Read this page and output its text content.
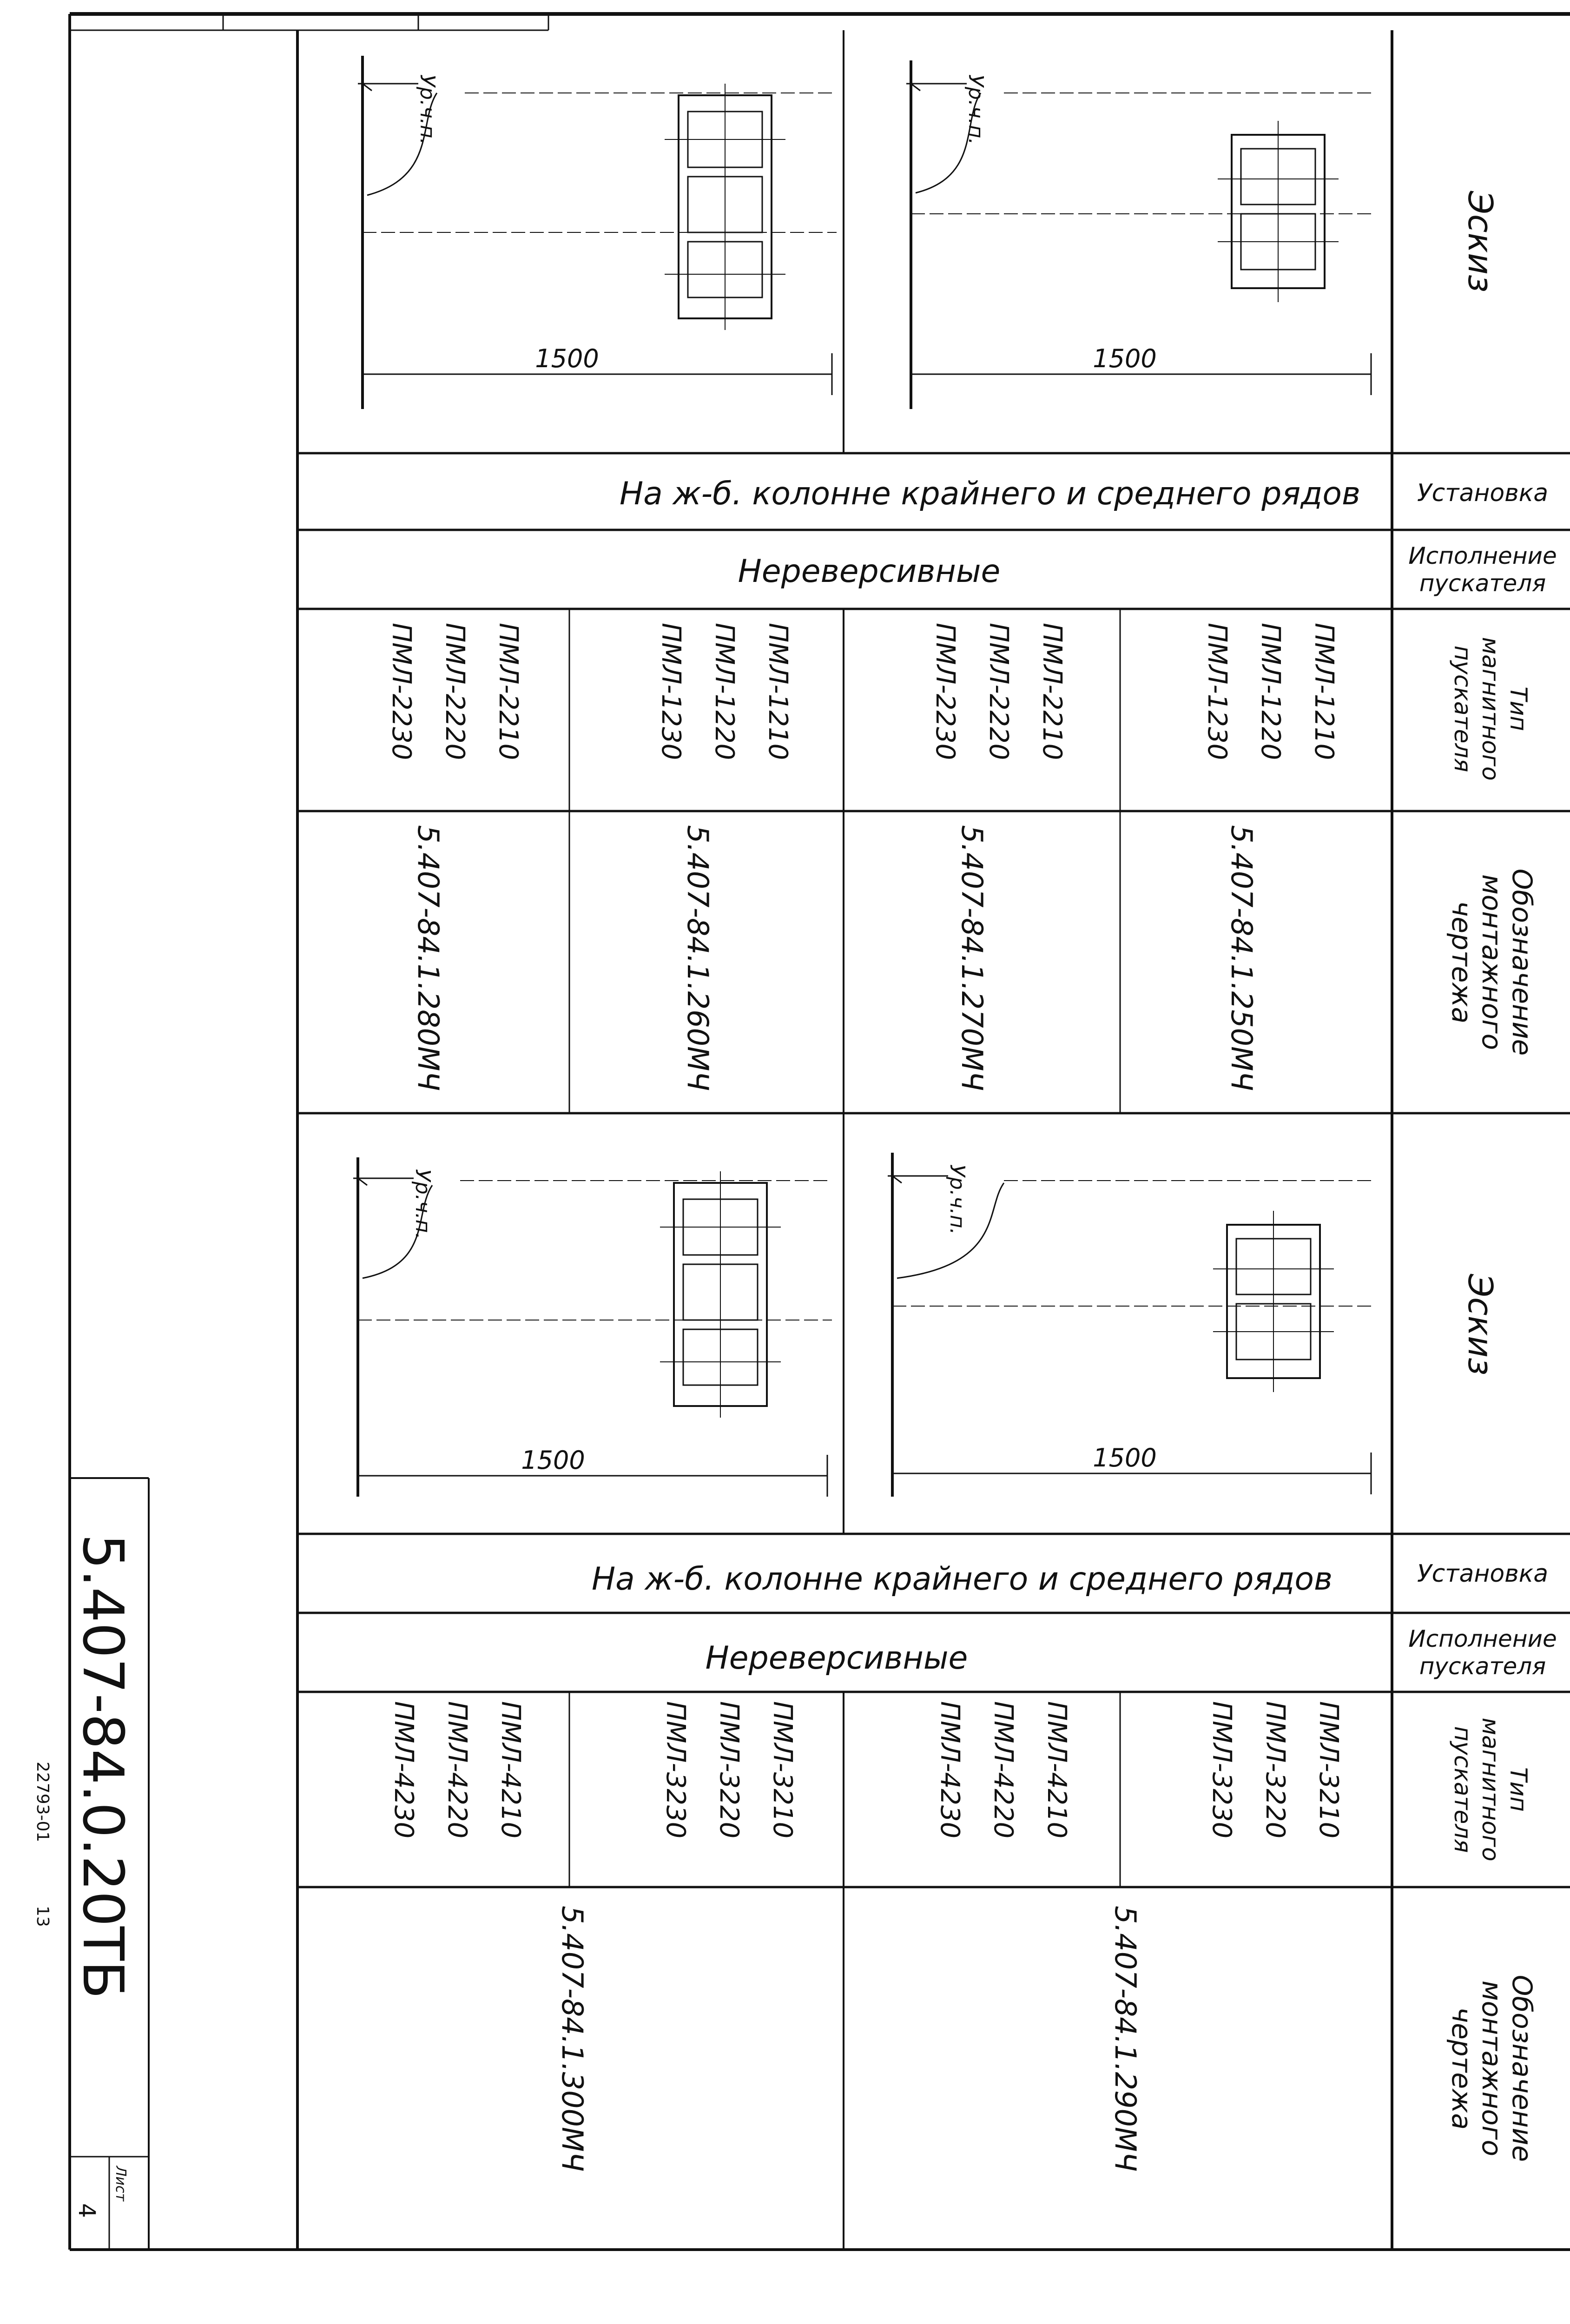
Эскиз
Установка
Исполнение
пускателя
Тип
магнитного
пускателя
Обозначение
монтажного
чертежа
Эскиз
Установка
Исполнение
пускателя
Тип
магнитного
пускателя
Обозначение
монтажного
чертежа
На ж-б. колонне крайнего и среднего рядов
Нереверсивные
ПМЛ-1210
ПМЛ-1220
ПМЛ-1230
5.407-84.1.250МЧ
ПМЛ-2210
ПМЛ-2220
ПМЛ-2230
5.407-84.1.270МЧ
ПМЛ-1210
ПМЛ-1220
ПМЛ-1230
5.407-84.1.260МЧ
ПМЛ-2210
ПМЛ-2220
ПМЛ-2230
5.407-84.1.280МЧ
На ж-б. колонне крайнего и среднего рядов
Нереверсивные
ПМЛ-3210
ПМЛ-3220
ПМЛ-3230
5.407-84.1.290МЧ
ПМЛ-4210
ПМЛ-4220
ПМЛ-4230
ПМЛ-3210
ПМЛ-3220
ПМЛ-3230
5.407-84.1.300МЧ
ПМЛ-4210
ПМЛ-4220
ПМЛ-4230
Ур.ч.п.
1500
Ур.ч.п.
1500
Ур.ч.п.
1500
Ур.ч.п.
1500
5.407-84.0.20ТБ
Лист
4
22793-01
13
